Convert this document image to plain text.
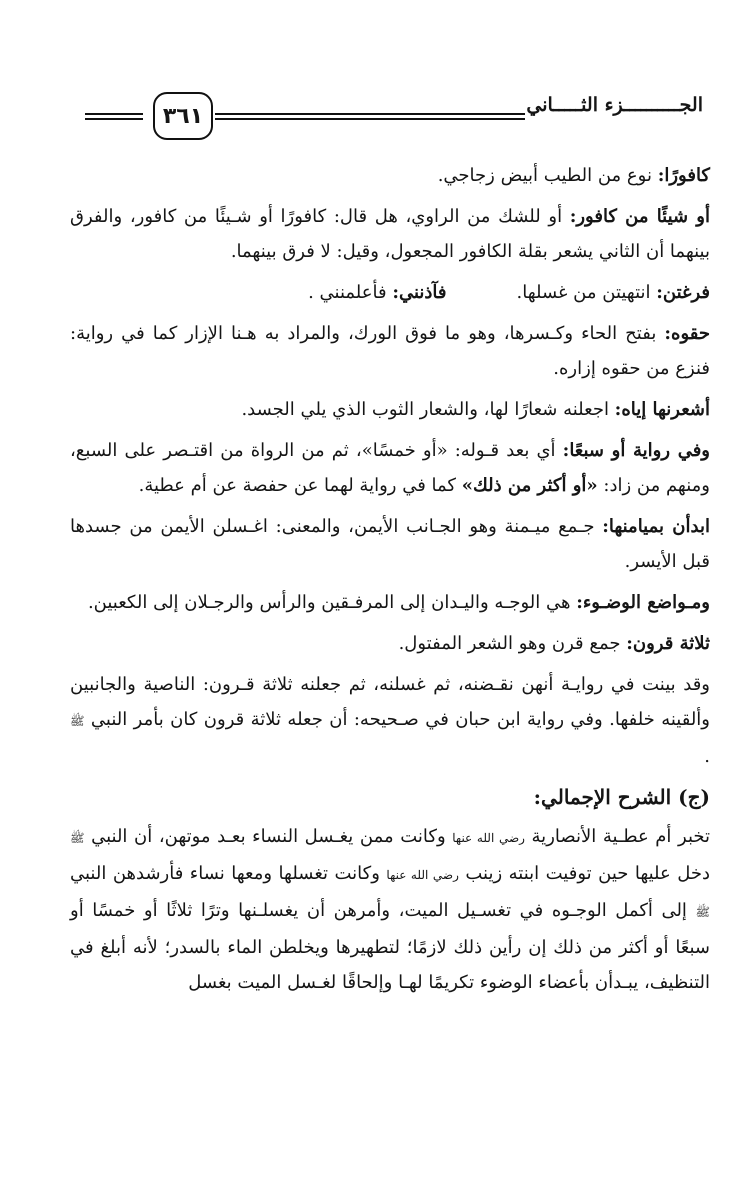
الجــــــــــزء الثـــــاني
٣٦١

كافورًا: نوع من الطيب أبيض زجاجي.

أو شيئًا من كافور: أو للشك من الراوي، هل قال: كافورًا أو شـيئًا من كافور، والفرق بينهما أن الثاني يشعر بقلة الكافور المجعول، وقيل: لا فرق بينهما.

فرغتن: انتهيتن من غسلها.فآذنني: فأعلمنني .

حقوه: بفتح الحاء وكـسرها، وهو ما فوق الورك، والمراد به هـنا الإزار كما في رواية: فنزع من حقوه إزاره.

أشعرنها إياه: اجعلنه شعارًا لها، والشعار الثوب الذي يلي الجسد.

وفي رواية أو سبعًا: أي بعد قـوله: «أو خمسًا»، ثم من الرواة من اقتـصر على السبع، ومنهم من زاد: «أو أكثر من ذلك» كما في رواية لهما عن حفصة عن أم عطية.

ابدأن بميامنها: جـمع ميـمنة وهو الجـانب الأيمن، والمعنى: اغـسلن الأيمن من جسدها قبل الأيسر.

ومـواضع الوضـوء: هي الوجـه واليـدان إلى المرفـقين والرأس والرجـلان إلى الكعبين.

ثلاثة قرون: جمع قرن وهو الشعر المفتول.

وقد بينت في روايـة أنهن نقـضنه، ثم غسلنه، ثم جعلنه ثلاثة قـرون: الناصية والجانبين وألقينه خلفها. وفي رواية ابن حبان في صـحيحه: أن جعله ثلاثة قرون كان بأمر النبي ﷺ .

(ج) الشرح الإجمالي:

تخبر أم عطـية الأنصارية رضي الله عنها وكانت ممن يغـسل النساء بعـد موتهن، أن النبي ﷺ دخل عليها حين توفيت ابنته زينب رضي الله عنها وكانت تغسلها ومعها نساء فأرشدهن النبي ﷺ إلى أكمل الوجـوه في تغسـيل الميت، وأمرهن أن يغسلـنها وترًا ثلاثًا أو خمسًا أو سبعًا أو أكثر من ذلك إن رأين ذلك لازمًا؛ لتطهيرها ويخلطن الماء بالسدر؛ لأنه أبلغ في التنظيف، يبـدأن بأعضاء الوضوء تكريمًا لهـا وإلحاقًا لغـسل الميت بغسل
